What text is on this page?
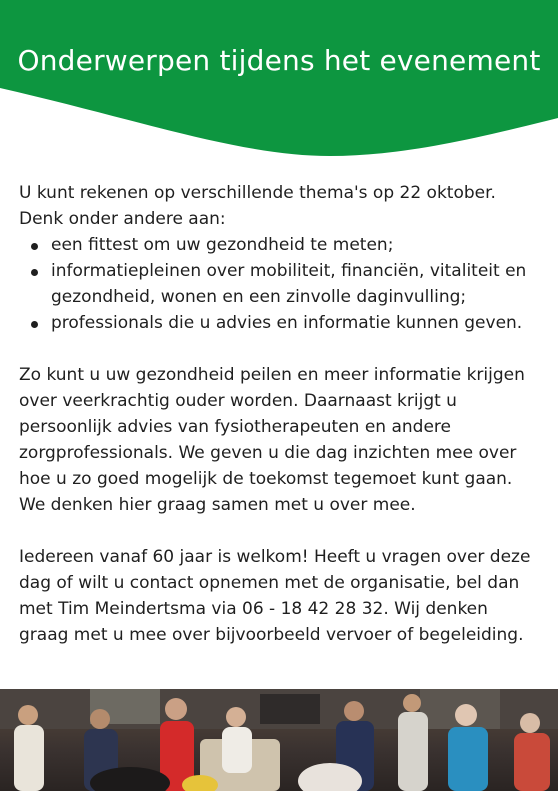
Onderwerpen tijdens het evenement

U kunt rekenen op verschillende thema's op 22 oktober. Denk onder andere aan:

een fittest om uw gezondheid te meten;
informatiepleinen over mobiliteit, financiën, vitaliteit en gezondheid, wonen en een zinvolle daginvulling;
professionals die u advies en informatie kunnen geven.

Zo kunt u uw gezondheid peilen en meer informatie krijgen over veerkrachtig ouder worden. Daarnaast krijgt u persoonlijk advies van fysiotherapeuten en andere zorgprofessionals. We geven u die dag inzichten mee over hoe u zo goed mogelijk de toekomst tegemoet kunt gaan. We denken hier graag samen met u over mee.

Iedereen vanaf 60 jaar is welkom! Heeft u vragen over deze dag of wilt u contact opnemen met de organisatie, bel dan met Tim Meindertsma via 06 - 18 42 28 32. Wij denken graag met u mee over bijvoorbeeld vervoer of begeleiding.
